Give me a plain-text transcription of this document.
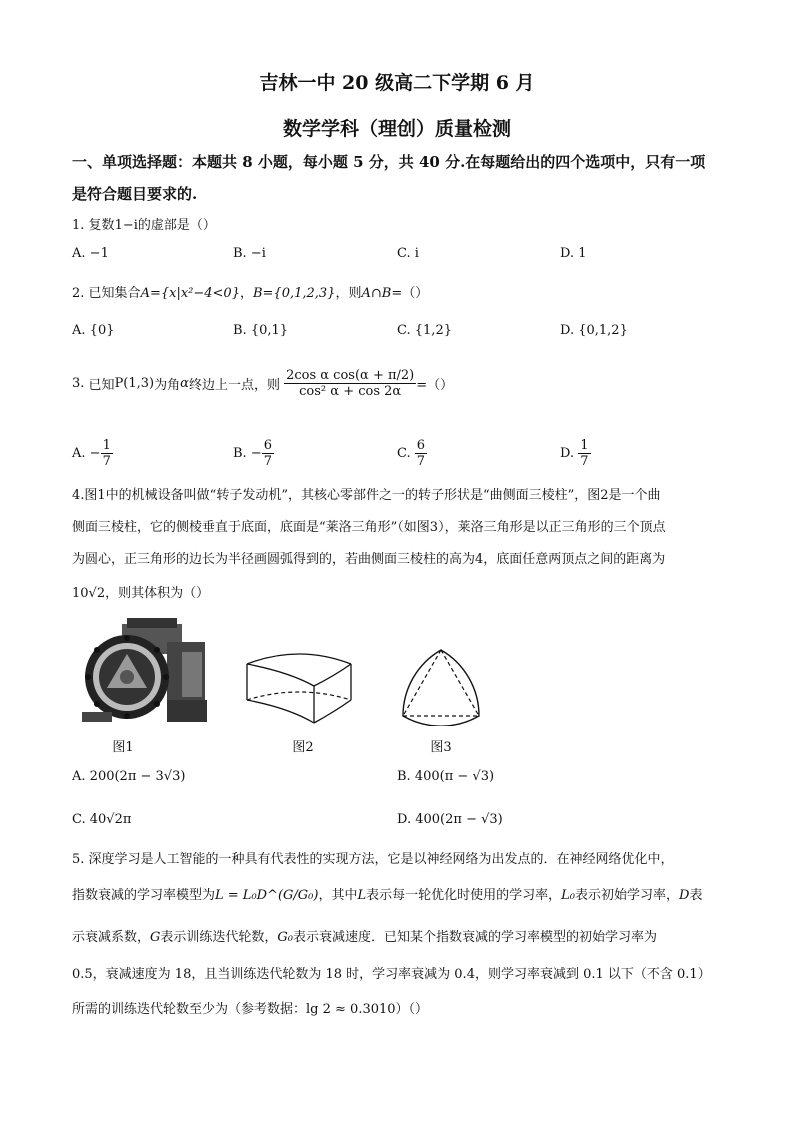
吉林一中 20 级高二下学期 6 月
数学学科（理创）质量检测
一、单项选择题：本题共 8 小题，每小题 5 分，共 40 分.在每题给出的四个选项中，只有一项
是符合题目要求的.
1. 复数1−i的虚部是（）
A. −1	B. −i	C. i	D. 1
2. 已知集合A={x|x²−4<0}，B={0,1,2,3}，则A∩B=（）
A. {0}	B. {0,1}	C. {1,2}	D. {0,1,2}
3. 已知P(1,3)为角α终边上一点，则 $\frac{\text{2cos α cos(α + π/2)}}{\text{cos² α + cos 2α}}$ =（）
A. − $\frac{1}{7}$	B. − $\frac{6}{7}$	C. $\frac{6}{7}$	D. $\frac{1}{7}$
4.图1中的机械设备叫做“转子发动机”，其核心零部件之一的转子形状是“曲侧面三棱柱”，图2是一个曲
侧面三棱柱，它的侧棱垂直于底面，底面是“莱洛三角形”（如图3），莱洛三角形是以正三角形的三个顶点
为圆心，正三角形的边长为半径画圆弧得到的，若曲侧面三棱柱的高为4，底面任意两顶点之间的距离为
10√2，则其体积为（）
图1	图2	图3
A. 200(2π − 3√3)	B. 400(π − √3)
C. 40√2π	D. 400(2π − √3)
5. 深度学习是人工智能的一种具有代表性的实现方法，它是以神经网络为出发点的．在神经网络优化中，
指数衰减的学习率模型为L = L₀D^(G/G₀)，其中L表示每一轮优化时使用的学习率，L₀表示初始学习率，D表
示衰减系数，G表示训练迭代轮数，G₀表示衰减速度．已知某个指数衰减的学习率模型的初始学习率为
0.5，衰减速度为 18，且当训练迭代轮数为 18 时，学习率衰减为 0.4，则学习率衰减到 0.1 以下（不含 0.1）
所需的训练迭代轮数至少为（参考数据：lg 2 ≈ 0.3010）（）
